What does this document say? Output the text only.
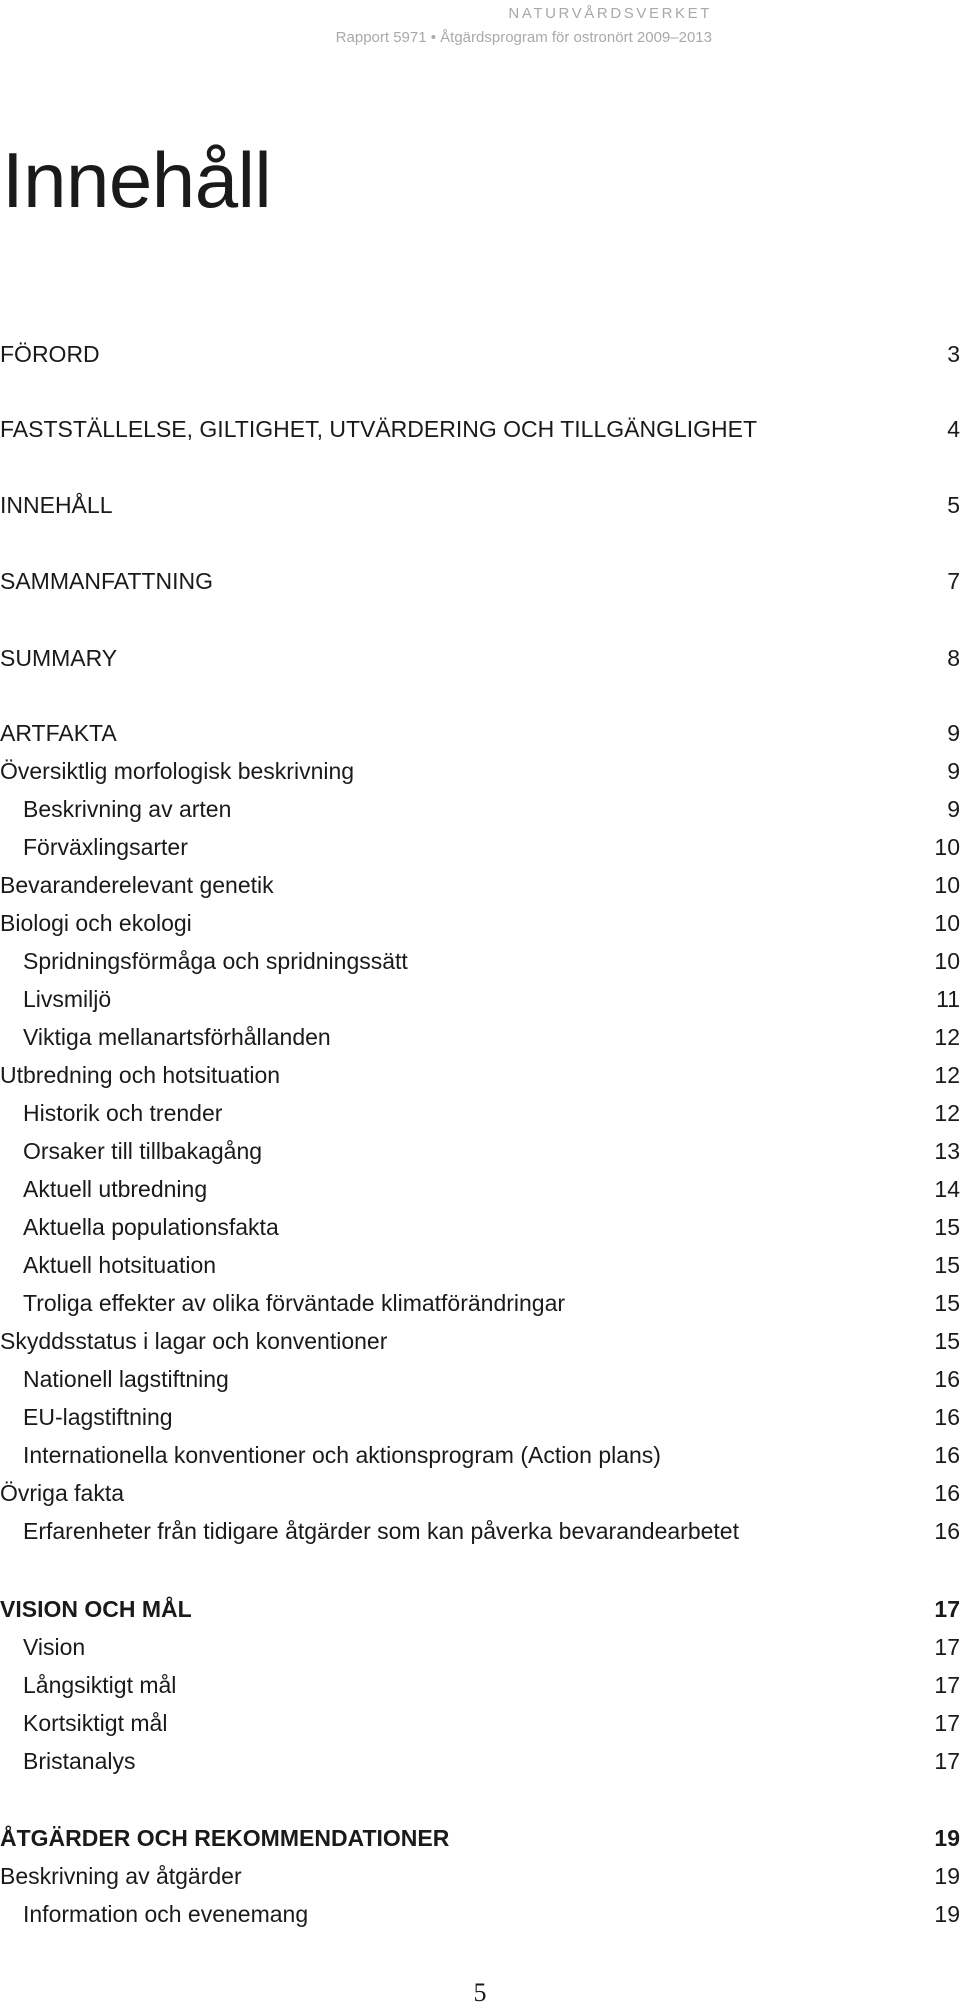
NATURVÅRDSVERKET
Rapport 5971 • Åtgärdsprogram för ostronört 2009–2013
Innehåll
FÖRORD	3
FASTSTÄLLELSE, GILTIGHET, UTVÄRDERING OCH TILLGÄNGLIGHET	4
INNEHÅLL	5
SAMMANFATTNING	7
SUMMARY	8
ARTFAKTA	9
Översiktlig morfologisk beskrivning	9
Beskrivning av arten	9
Förväxlingsarter	10
Bevaranderelevant genetik	10
Biologi och ekologi	10
Spridningsförmåga och spridningssätt	10
Livsmiljö	11
Viktiga mellanartsförhållanden	12
Utbredning och hotsituation	12
Historik och trender	12
Orsaker till tillbakagång	13
Aktuell utbredning	14
Aktuella populationsfakta	15
Aktuell hotsituation	15
Troliga effekter av olika förväntade klimatförändringar	15
Skyddsstatus i lagar och konventioner	15
Nationell lagstiftning	16
EU-lagstiftning	16
Internationella konventioner och aktionsprogram (Action plans)	16
Övriga fakta	16
Erfarenheter från tidigare åtgärder som kan påverka bevarandearbetet	16
VISION OCH MÅL	17
Vision	17
Långsiktigt mål	17
Kortsiktigt mål	17
Bristanalys	17
ÅTGÄRDER OCH REKOMMENDATIONER	19
Beskrivning av åtgärder	19
Information och evenemang	19
5
